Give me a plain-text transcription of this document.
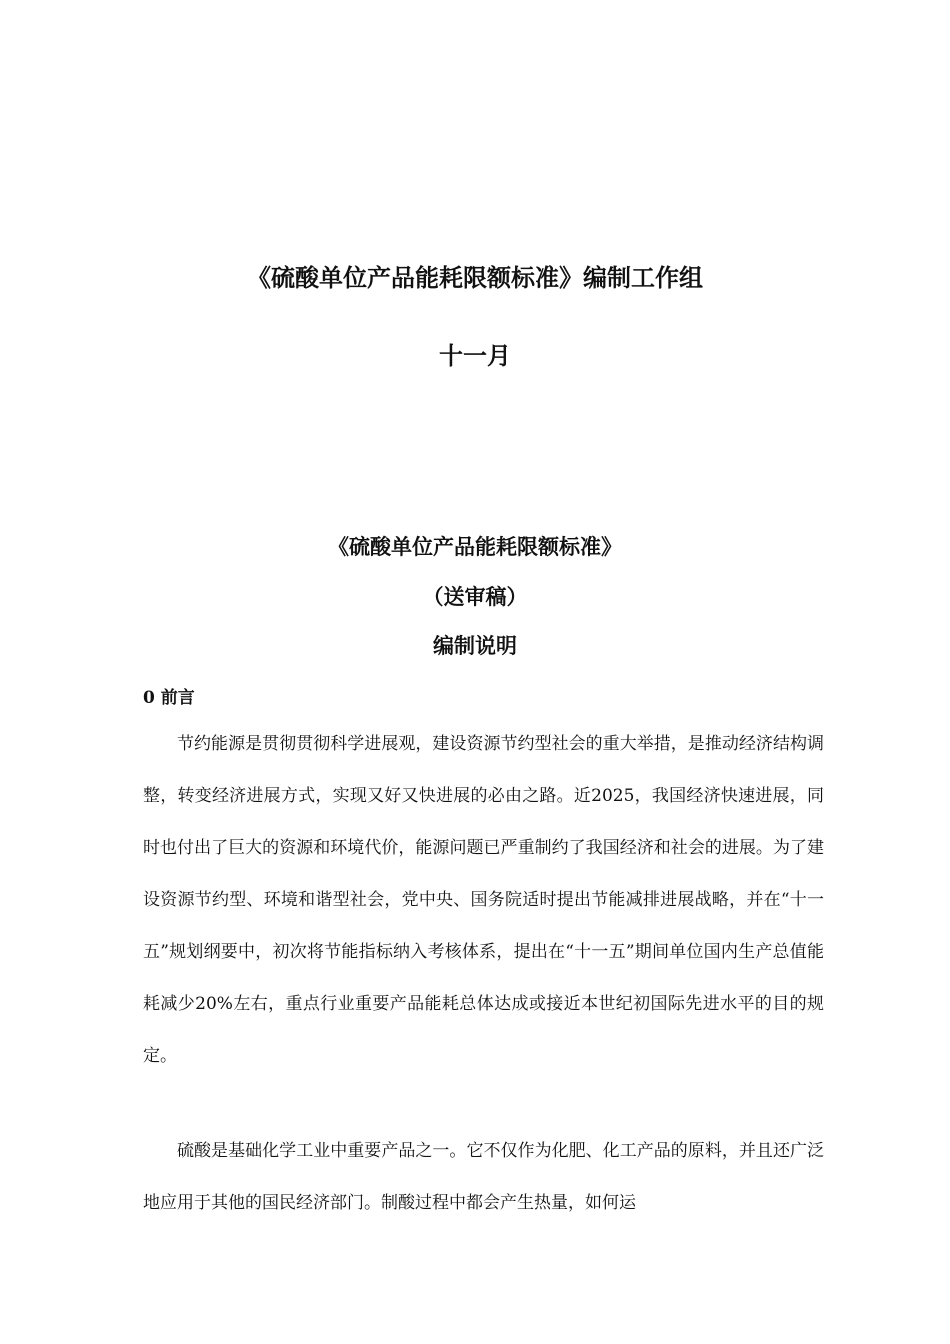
《硫酸单位产品能耗限额标准》编制工作组
十一月
《硫酸单位产品能耗限额标准》
（送审稿）
编制说明
0 前言

节约能源是贯彻贯彻科学进展观，建设资源节约型社会的重大举措，是推动经济结构调整，转变经济进展方式，实现又好又快进展的必由之路。近2025，我国经济快速进展，同时也付出了巨大的资源和环境代价，能源问题已严重制约了我国经济和社会的进展。为了建设资源节约型、环境和谐型社会，党中央、国务院适时提出节能减排进展战略，并在“十一五”规划纲要中，初次将节能指标纳入考核体系，提出在“十一五”期间单位国内生产总值能耗减少20%左右，重点行业重要产品能耗总体达成或接近本世纪初国际先进水平的目的规定。

硫酸是基础化学工业中重要产品之一。它不仅作为化肥、化工产品的原料，并且还广泛地应用于其他的国民经济部门。制酸过程中都会产生热量，如何运
